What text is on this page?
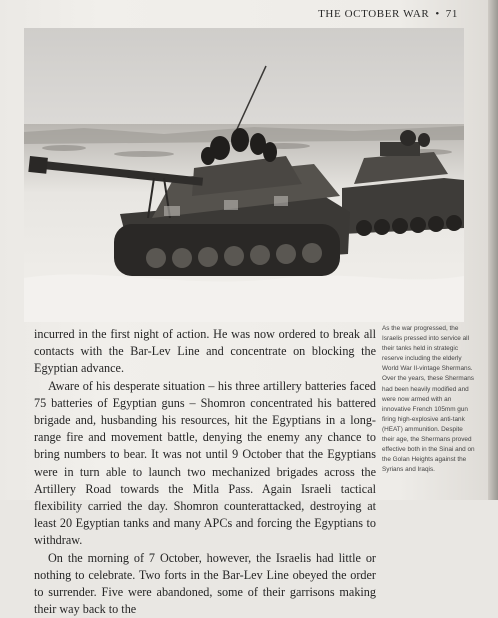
THE OCTOBER WAR • 71

incurred in the first night of action. He was now ordered to break all contacts with the Bar-Lev Line and concentrate on blocking the Egyptian advance.

Aware of his desperate situation – his three artillery batteries faced 75 batteries of Egyptian guns – Shomron concentrated his battered brigade and, husbanding his resources, hit the Egyptians in a long-range fire and movement battle, denying the enemy any chance to bring numbers to bear. It was not until 9 October that the Egyptians were in turn able to launch two mechanized brigades across the Artillery Road towards the Mitla Pass. Again Israeli tactical flexibility carried the day. Shomron counterattacked, destroying at least 20 Egyptian tanks and many APCs and forcing the Egyptians to withdraw.

On the morning of 7 October, however, the Israelis had little or nothing to celebrate. Two forts in the Bar-Lev Line obeyed the order to surrender. Five were abandoned, some of their garrisons making their way back to the

As the war progressed, the Israelis pressed into service all their tanks held in strategic reserve including the elderly World War II-vintage Shermans. Over the years, these Shermans had been heavily modified and were now armed with an innovative French 105mm gun firing high-explosive anti-tank (HEAT) ammunition. Despite their age, the Shermans proved effective both in the Sinai and on the Golan Heights against the Syrians and Iraqis.
